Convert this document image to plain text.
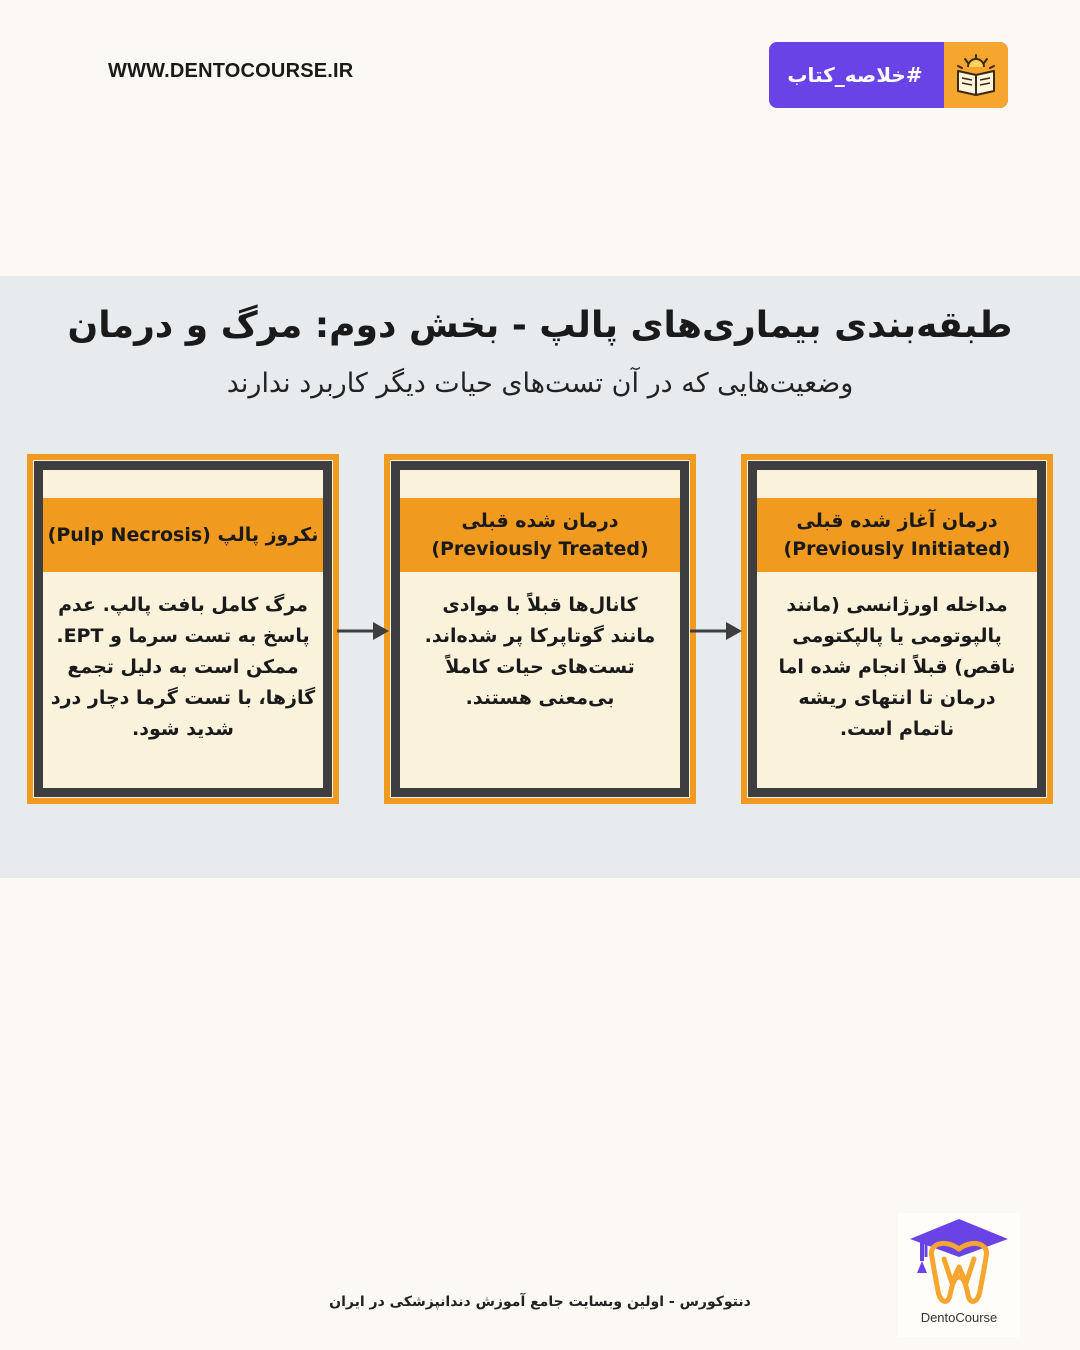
WWW.DENTOCOURSE.IR	#خلاصه_کتاب
طبقه‌بندی بیماری‌های پالپ - بخش دوم: مرگ و درمان
وضعیت‌هایی که در آن تست‌های حیات دیگر کاربرد ندارند
نکروز پالپ (Pulp Necrosis)
مرگ کامل بافت پالپ. عدم
پاسخ به تست سرما و EPT.
ممکن است به دلیل تجمع
گازها، با تست گرما دچار درد
شدید شود.
درمان شده قبلی
(Previously Treated)
کانال‌ها قبلاً با موادی
مانند گوتاپرکا پر شده‌اند.
تست‌های حیات کاملاً
بی‌معنی هستند.
درمان آغاز شده قبلی
(Previously Initiated)
مداخله اورژانسی (مانند
پالپوتومی یا پالپکتومی
ناقص) قبلاً انجام شده اما
درمان تا انتهای ریشه
ناتمام است.
دنتوکورس - اولین وبسایت جامع آموزش دندانپزشکی در ایران
DentoCourse
